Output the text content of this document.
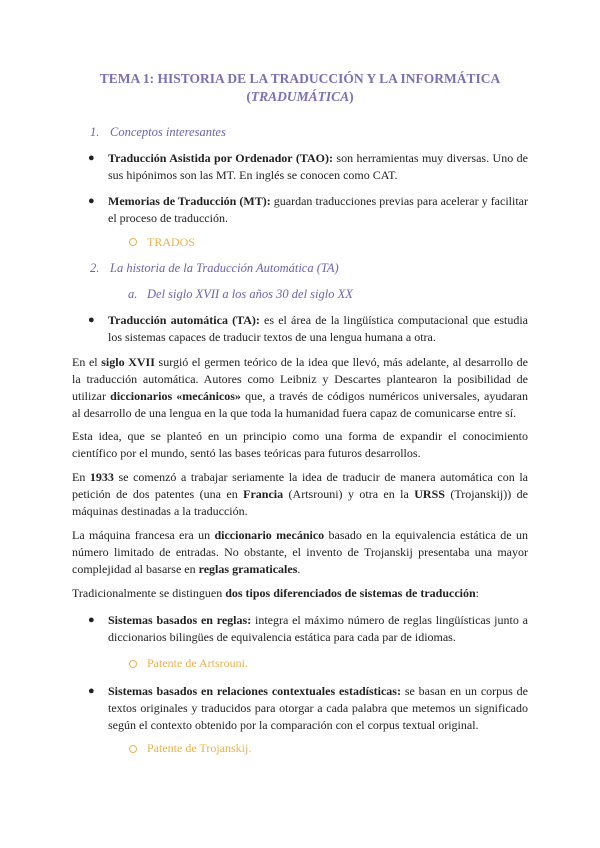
TEMA 1: HISTORIA DE LA TRADUCCIÓN Y LA INFORMÁTICA
(TRADUMÁTICA)
1. Conceptos interesantes
● Traducción Asistida por Ordenador (TAO): son herramientas muy diversas. Uno de sus hipónimos son las MT. En inglés se conocen como CAT.
● Memorias de Traducción (MT): guardan traducciones previas para acelerar y facilitar el proceso de traducción.
TRADOS
2. La historia de la Traducción Automática (TA)
a. Del siglo XVII a los años 30 del siglo XX
● Traducción automática (TA): es el área de la lingüística computacional que estudia los sistemas capaces de traducir textos de una lengua humana a otra.
En el siglo XVII surgió el germen teórico de la idea que llevó, más adelante, al desarrollo de la traducción automática. Autores como Leibniz y Descartes plantearon la posibilidad de utilizar diccionarios «mecánicos» que, a través de códigos numéricos universales, ayudaran al desarrollo de una lengua en la que toda la humanidad fuera capaz de comunicarse entre sí.
Esta idea, que se planteó en un principio como una forma de expandir el conocimiento científico por el mundo, sentó las bases teóricas para futuros desarrollos.
En 1933 se comenzó a trabajar seriamente la idea de traducir de manera automática con la petición de dos patentes (una en Francia (Artsrouni) y otra en la URSS (Trojanskij)) de máquinas destinadas a la traducción.
La máquina francesa era un diccionario mecánico basado en la equivalencia estática de un número limitado de entradas. No obstante, el invento de Trojanskij presentaba una mayor complejidad al basarse en reglas gramaticales.
Tradicionalmente se distinguen dos tipos diferenciados de sistemas de traducción:
● Sistemas basados en reglas: integra el máximo número de reglas lingüísticas junto a diccionarios bilingües de equivalencia estática para cada par de idiomas.
Patente de Artsrouni.
● Sistemas basados en relaciones contextuales estadísticas: se basan en un corpus de textos originales y traducidos para otorgar a cada palabra que metemos un significado según el contexto obtenido por la comparación con el corpus textual original.
Patente de Trojanskij.
